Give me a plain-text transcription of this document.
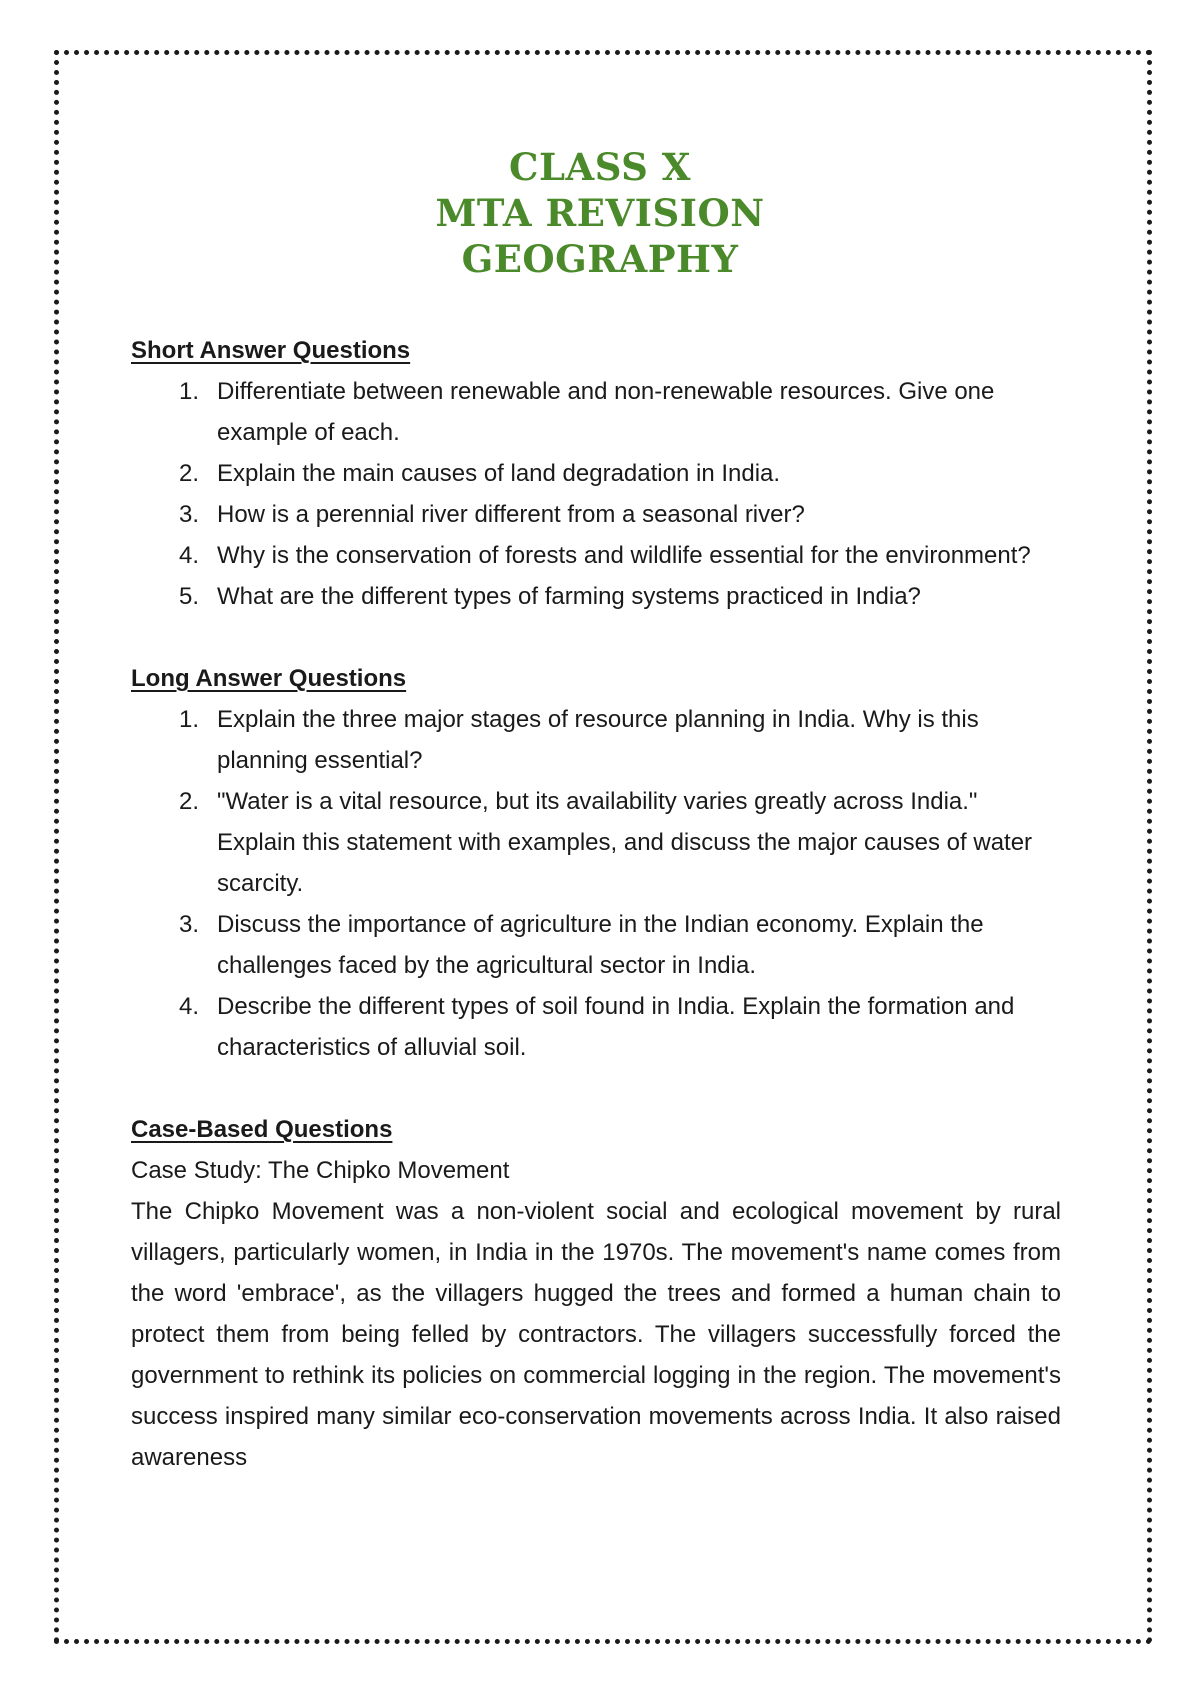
CLASS X
MTA REVISION
GEOGRAPHY

Short Answer Questions

1. Differentiate between renewable and non-renewable resources. Give one example of each.
2. Explain the main causes of land degradation in India.
3. How is a perennial river different from a seasonal river?
4. Why is the conservation of forests and wildlife essential for the environment?
5. What are the different types of farming systems practiced in India?

Long Answer Questions

1. Explain the three major stages of resource planning in India. Why is this planning essential?
2. "Water is a vital resource, but its availability varies greatly across India." Explain this statement with examples, and discuss the major causes of water scarcity.
3. Discuss the importance of agriculture in the Indian economy. Explain the challenges faced by the agricultural sector in India.
4. Describe the different types of soil found in India. Explain the formation and characteristics of alluvial soil.

Case-Based Questions

Case Study: The Chipko Movement

The Chipko Movement was a non-violent social and ecological movement by rural villagers, particularly women, in India in the 1970s. The movement's name comes from the word 'embrace', as the villagers hugged the trees and formed a human chain to protect them from being felled by contractors. The villagers successfully forced the government to rethink its policies on commercial logging in the region. The movement's success inspired many similar eco-conservation movements across India. It also raised awareness
